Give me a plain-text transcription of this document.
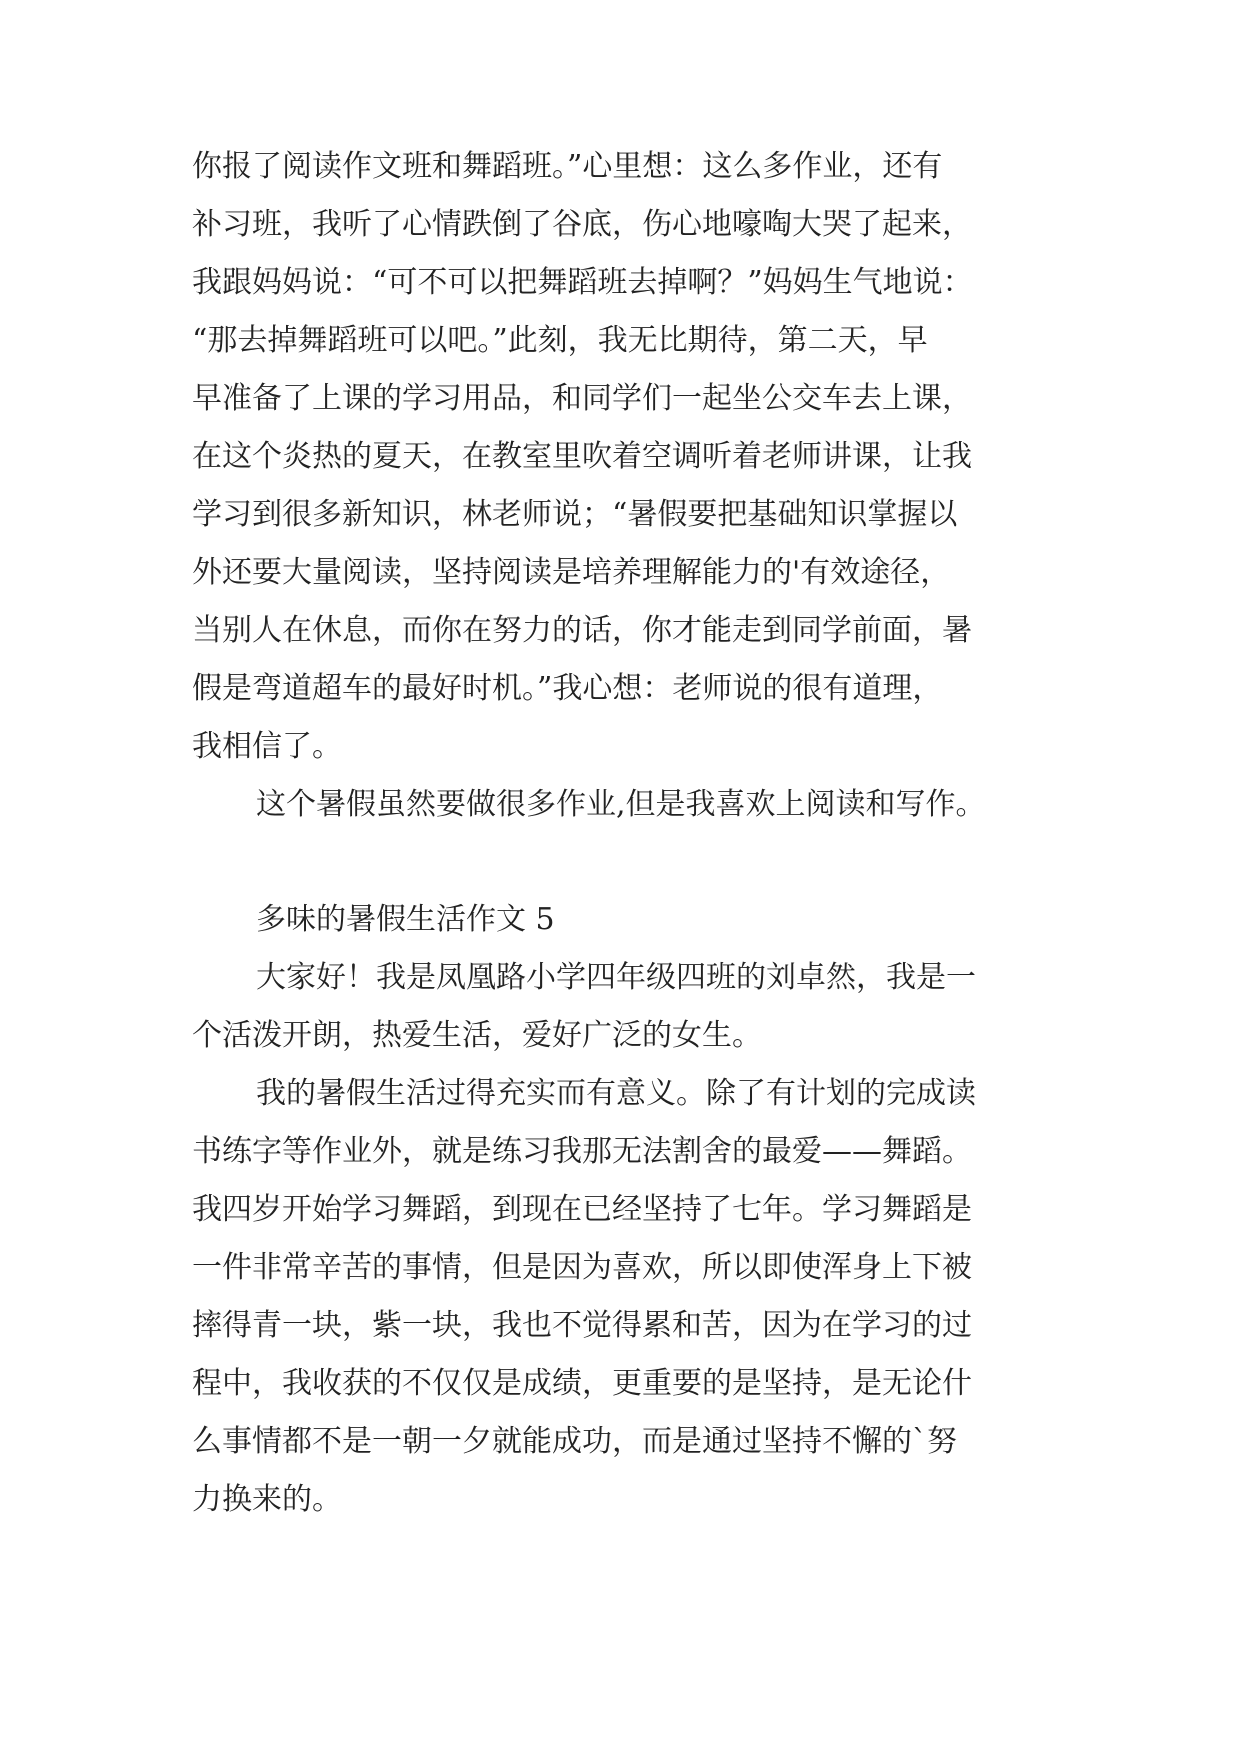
你报了阅读作文班和舞蹈班。”心里想：这么多作业，还有
补习班，我听了心情跌倒了谷底，伤心地嚎啕大哭了起来，
我跟妈妈说：“可不可以把舞蹈班去掉啊？”妈妈生气地说：
“那去掉舞蹈班可以吧。”此刻，我无比期待，第二天，早
早准备了上课的学习用品，和同学们一起坐公交车去上课，
在这个炎热的夏天，在教室里吹着空调听着老师讲课，让我
学习到很多新知识，林老师说；“暑假要把基础知识掌握以
外还要大量阅读，坚持阅读是培养理解能力的'有效途径，
当别人在休息，而你在努力的话，你才能走到同学前面，暑
假是弯道超车的最好时机。”我心想：老师说的很有道理，
我相信了。
这个暑假虽然要做很多作业,但是我喜欢上阅读和写作。
多味的暑假生活作文 5
大家好！我是凤凰路小学四年级四班的刘卓然，我是一
个活泼开朗，热爱生活，爱好广泛的女生。
我的暑假生活过得充实而有意义。除了有计划的完成读
书练字等作业外，就是练习我那无法割舍的最爱——舞蹈。
我四岁开始学习舞蹈，到现在已经坚持了七年。学习舞蹈是
一件非常辛苦的事情，但是因为喜欢，所以即使浑身上下被
摔得青一块，紫一块，我也不觉得累和苦，因为在学习的过
程中，我收获的不仅仅是成绩，更重要的是坚持，是无论什
么事情都不是一朝一夕就能成功，而是通过坚持不懈的`努
力换来的。
